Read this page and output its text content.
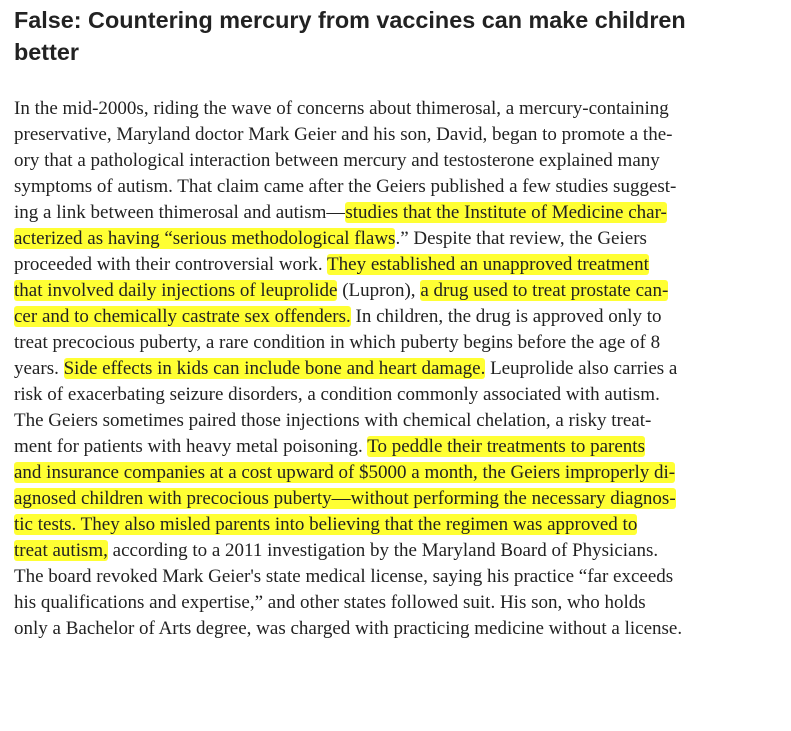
False: Countering mercury from vaccines can make children
better

In the mid-2000s, riding the wave of concerns about thimerosal, a mercury-containing
preservative, Maryland doctor Mark Geier and his son, David, began to promote a the-
ory that a pathological interaction between mercury and testosterone explained many
symptoms of autism. That claim came after the Geiers published a few studies suggest-
ing a link between thimerosal and autism—studies that the Institute of Medicine char-
acterized as having “serious methodological flaws.” Despite that review, the Geiers
proceeded with their controversial work. They established an unapproved treatment
that involved daily injections of leuprolide (Lupron), a drug used to treat prostate can-
cer and to chemically castrate sex offenders. In children, the drug is approved only to
treat precocious puberty, a rare condition in which puberty begins before the age of 8
years. Side effects in kids can include bone and heart damage. Leuprolide also carries a
risk of exacerbating seizure disorders, a condition commonly associated with autism.
The Geiers sometimes paired those injections with chemical chelation, a risky treat-
ment for patients with heavy metal poisoning. To peddle their treatments to parents
and insurance companies at a cost upward of $5000 a month, the Geiers improperly di-
agnosed children with precocious puberty—without performing the necessary diagnos-
tic tests. They also misled parents into believing that the regimen was approved to
treat autism, according to a 2011 investigation by the Maryland Board of Physicians.
The board revoked Mark Geier's state medical license, saying his practice “far exceeds
his qualifications and expertise,” and other states followed suit. His son, who holds
only a Bachelor of Arts degree, was charged with practicing medicine without a license.
